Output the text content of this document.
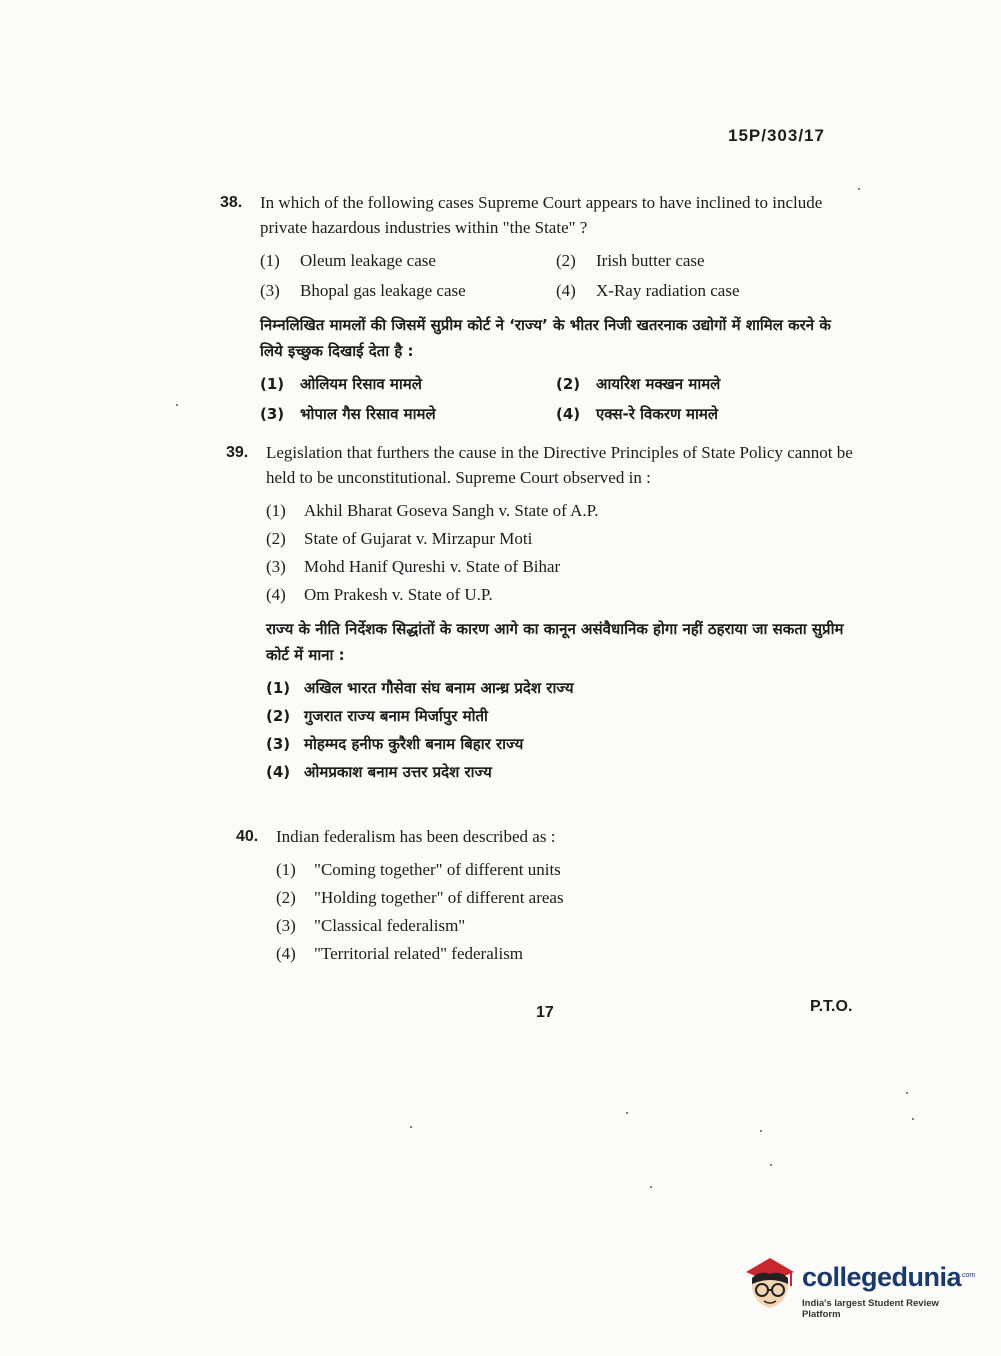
15P/303/17
38. In which of the following cases Supreme Court appears to have inclined to include private hazardous industries within "the State" ?
(1)	Oleum leakage case	(2)	Irish butter case
(3)	Bhopal gas leakage case	(4)	X-Ray radiation case
निम्नलिखित मामलों की जिसमें सुप्रीम कोर्ट ने ‘राज्य’ के भीतर निजी खतरनाक उद्योगों में शामिल करने के लिये इच्छुक दिखाई देता है :
(1)	ओलियम रिसाव मामले	(2)	आयरिश मक्खन मामले
(3)	भोपाल गैस रिसाव मामले	(4)	एक्स-रे विकरण मामले
39. Legislation that furthers the cause in the Directive Principles of State Policy cannot be held to be unconstitutional. Supreme Court observed in :
(1)	Akhil Bharat Goseva Sangh v. State of A.P.
(2)	State of Gujarat v. Mirzapur Moti
(3)	Mohd Hanif Qureshi v. State of Bihar
(4)	Om Prakesh v. State of U.P.
राज्य के नीति निर्देशक सिद्धांतों के कारण आगे का कानून असंवैधानिक होगा नहीं ठहराया जा सकता सुप्रीम कोर्ट में माना :
(1) अखिल भारत गौसेवा संघ बनाम आन्ध्र प्रदेश राज्य
(2) गुजरात राज्य बनाम मिर्जापुर मोती
(3) मोहम्मद हनीफ कुरैशी बनाम बिहार राज्य
(4) ओमप्रकाश बनाम उत्तर प्रदेश राज्य
40. Indian federalism has been described as :
(1)	"Coming together" of different units
(2)	"Holding together" of different areas
(3)	"Classical federalism"
(4)	"Territorial related" federalism
17	P.T.O.
collegedunia
.com
India's largest Student Review Platform
